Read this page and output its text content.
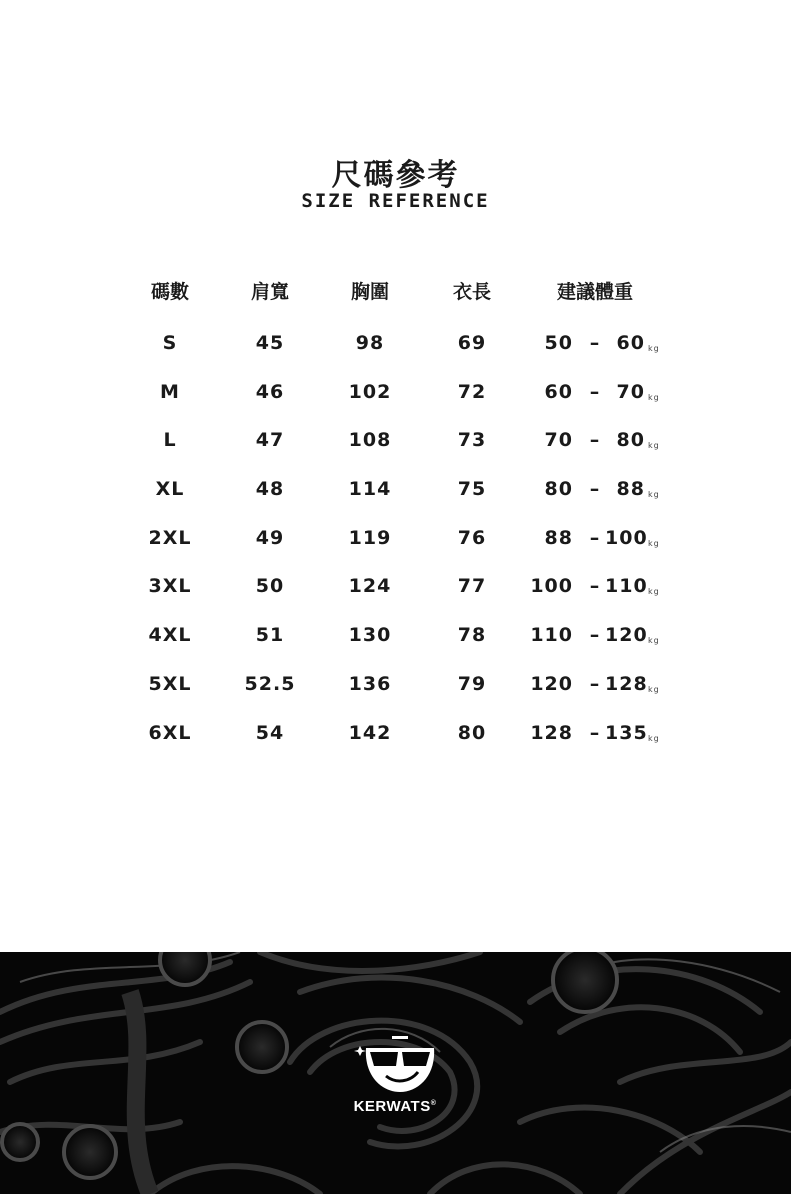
尺碼參考
SIZE REFERENCE
碼數	肩寬	胸圍	衣長	建議體重
S	45	98	69	50 – 60 kg
M	46	102	72	60 – 70 kg
L	47	108	73	70 – 80 kg
XL	48	114	75	80 – 88 kg
2XL	49	119	76	88 – 100 kg
3XL	50	124	77	100 – 110 kg
4XL	51	130	78	110 – 120 kg
5XL	52.5	136	79	120 – 128 kg
6XL	54	142	80	128 – 135 kg
KERWATS®
